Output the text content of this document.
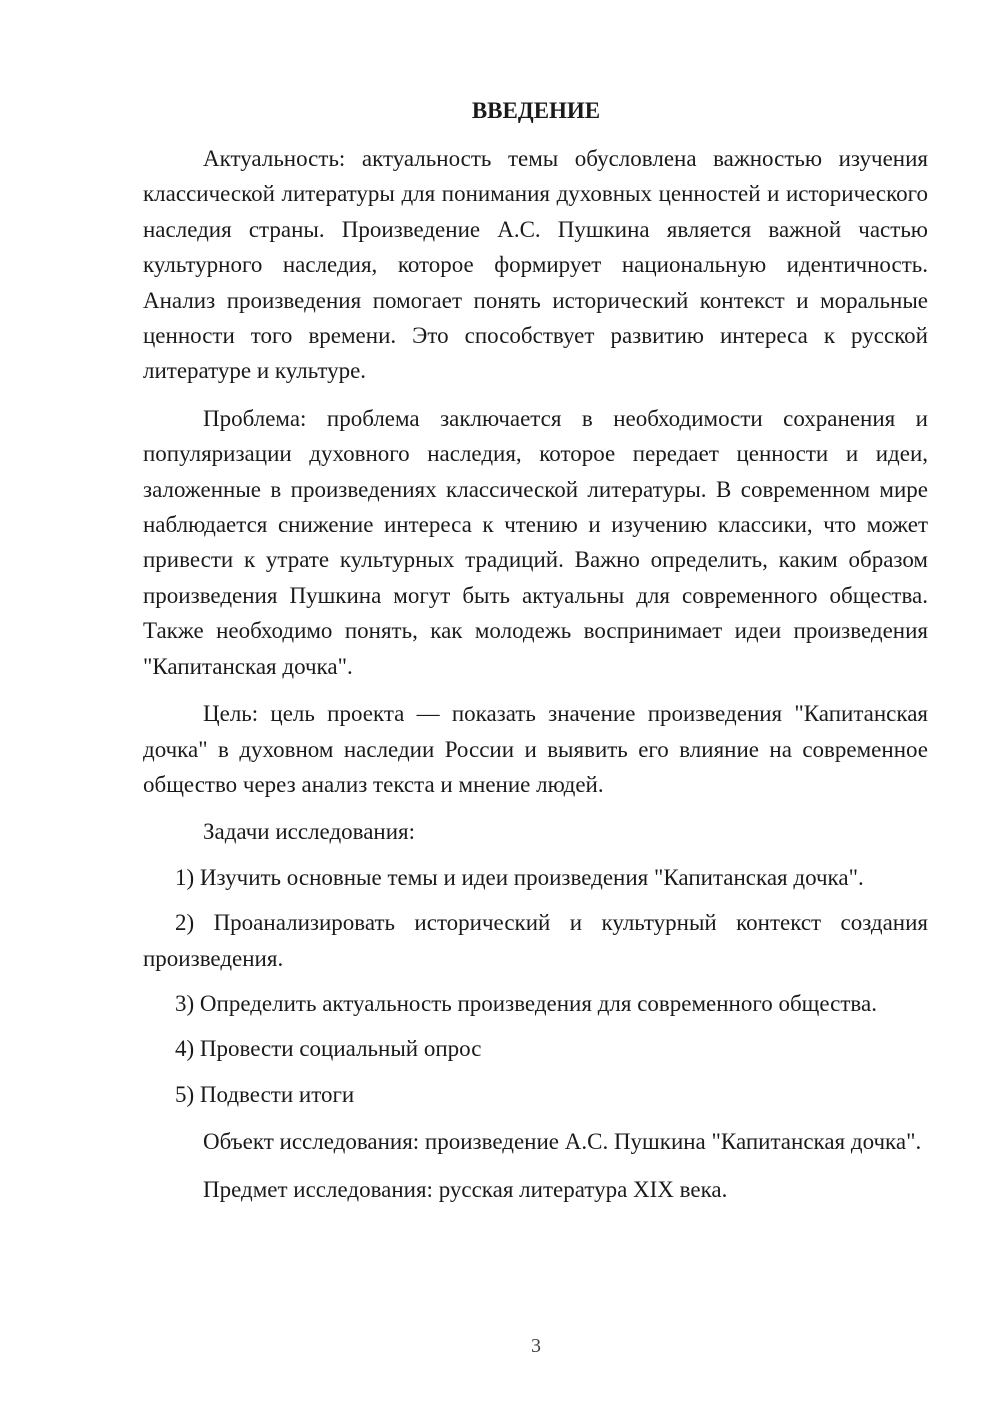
ВВЕДЕНИЕ

Актуальность: актуальность темы обусловлена важностью изучения классической литературы для понимания духовных ценностей и исторического наследия страны. Произведение А.С. Пушкина является важной частью культурного наследия, которое формирует национальную идентичность. Анализ произведения помогает понять исторический контекст и моральные ценности того времени. Это способствует развитию интереса к русской литературе и культуре.

Проблема: проблема заключается в необходимости сохранения и популяризации духовного наследия, которое передает ценности и идеи, заложенные в произведениях классической литературы. В современном мире наблюдается снижение интереса к чтению и изучению классики, что может привести к утрате культурных традиций. Важно определить, каким образом произведения Пушкина могут быть актуальны для современного общества. Также необходимо понять, как молодежь воспринимает идеи произведения "Капитанская дочка".

Цель: цель проекта — показать значение произведения "Капитанская дочка" в духовном наследии России и выявить его влияние на современное общество через анализ текста и мнение людей.

Задачи исследования:

1) Изучить основные темы и идеи произведения "Капитанская дочка".

2) Проанализировать исторический и культурный контекст создания произведения.

3) Определить актуальность произведения для современного общества.

4) Провести социальный опрос

5) Подвести итоги

Объект исследования: произведение А.С. Пушкина "Капитанская дочка".

Предмет исследования: русская литература XIX века.

3
